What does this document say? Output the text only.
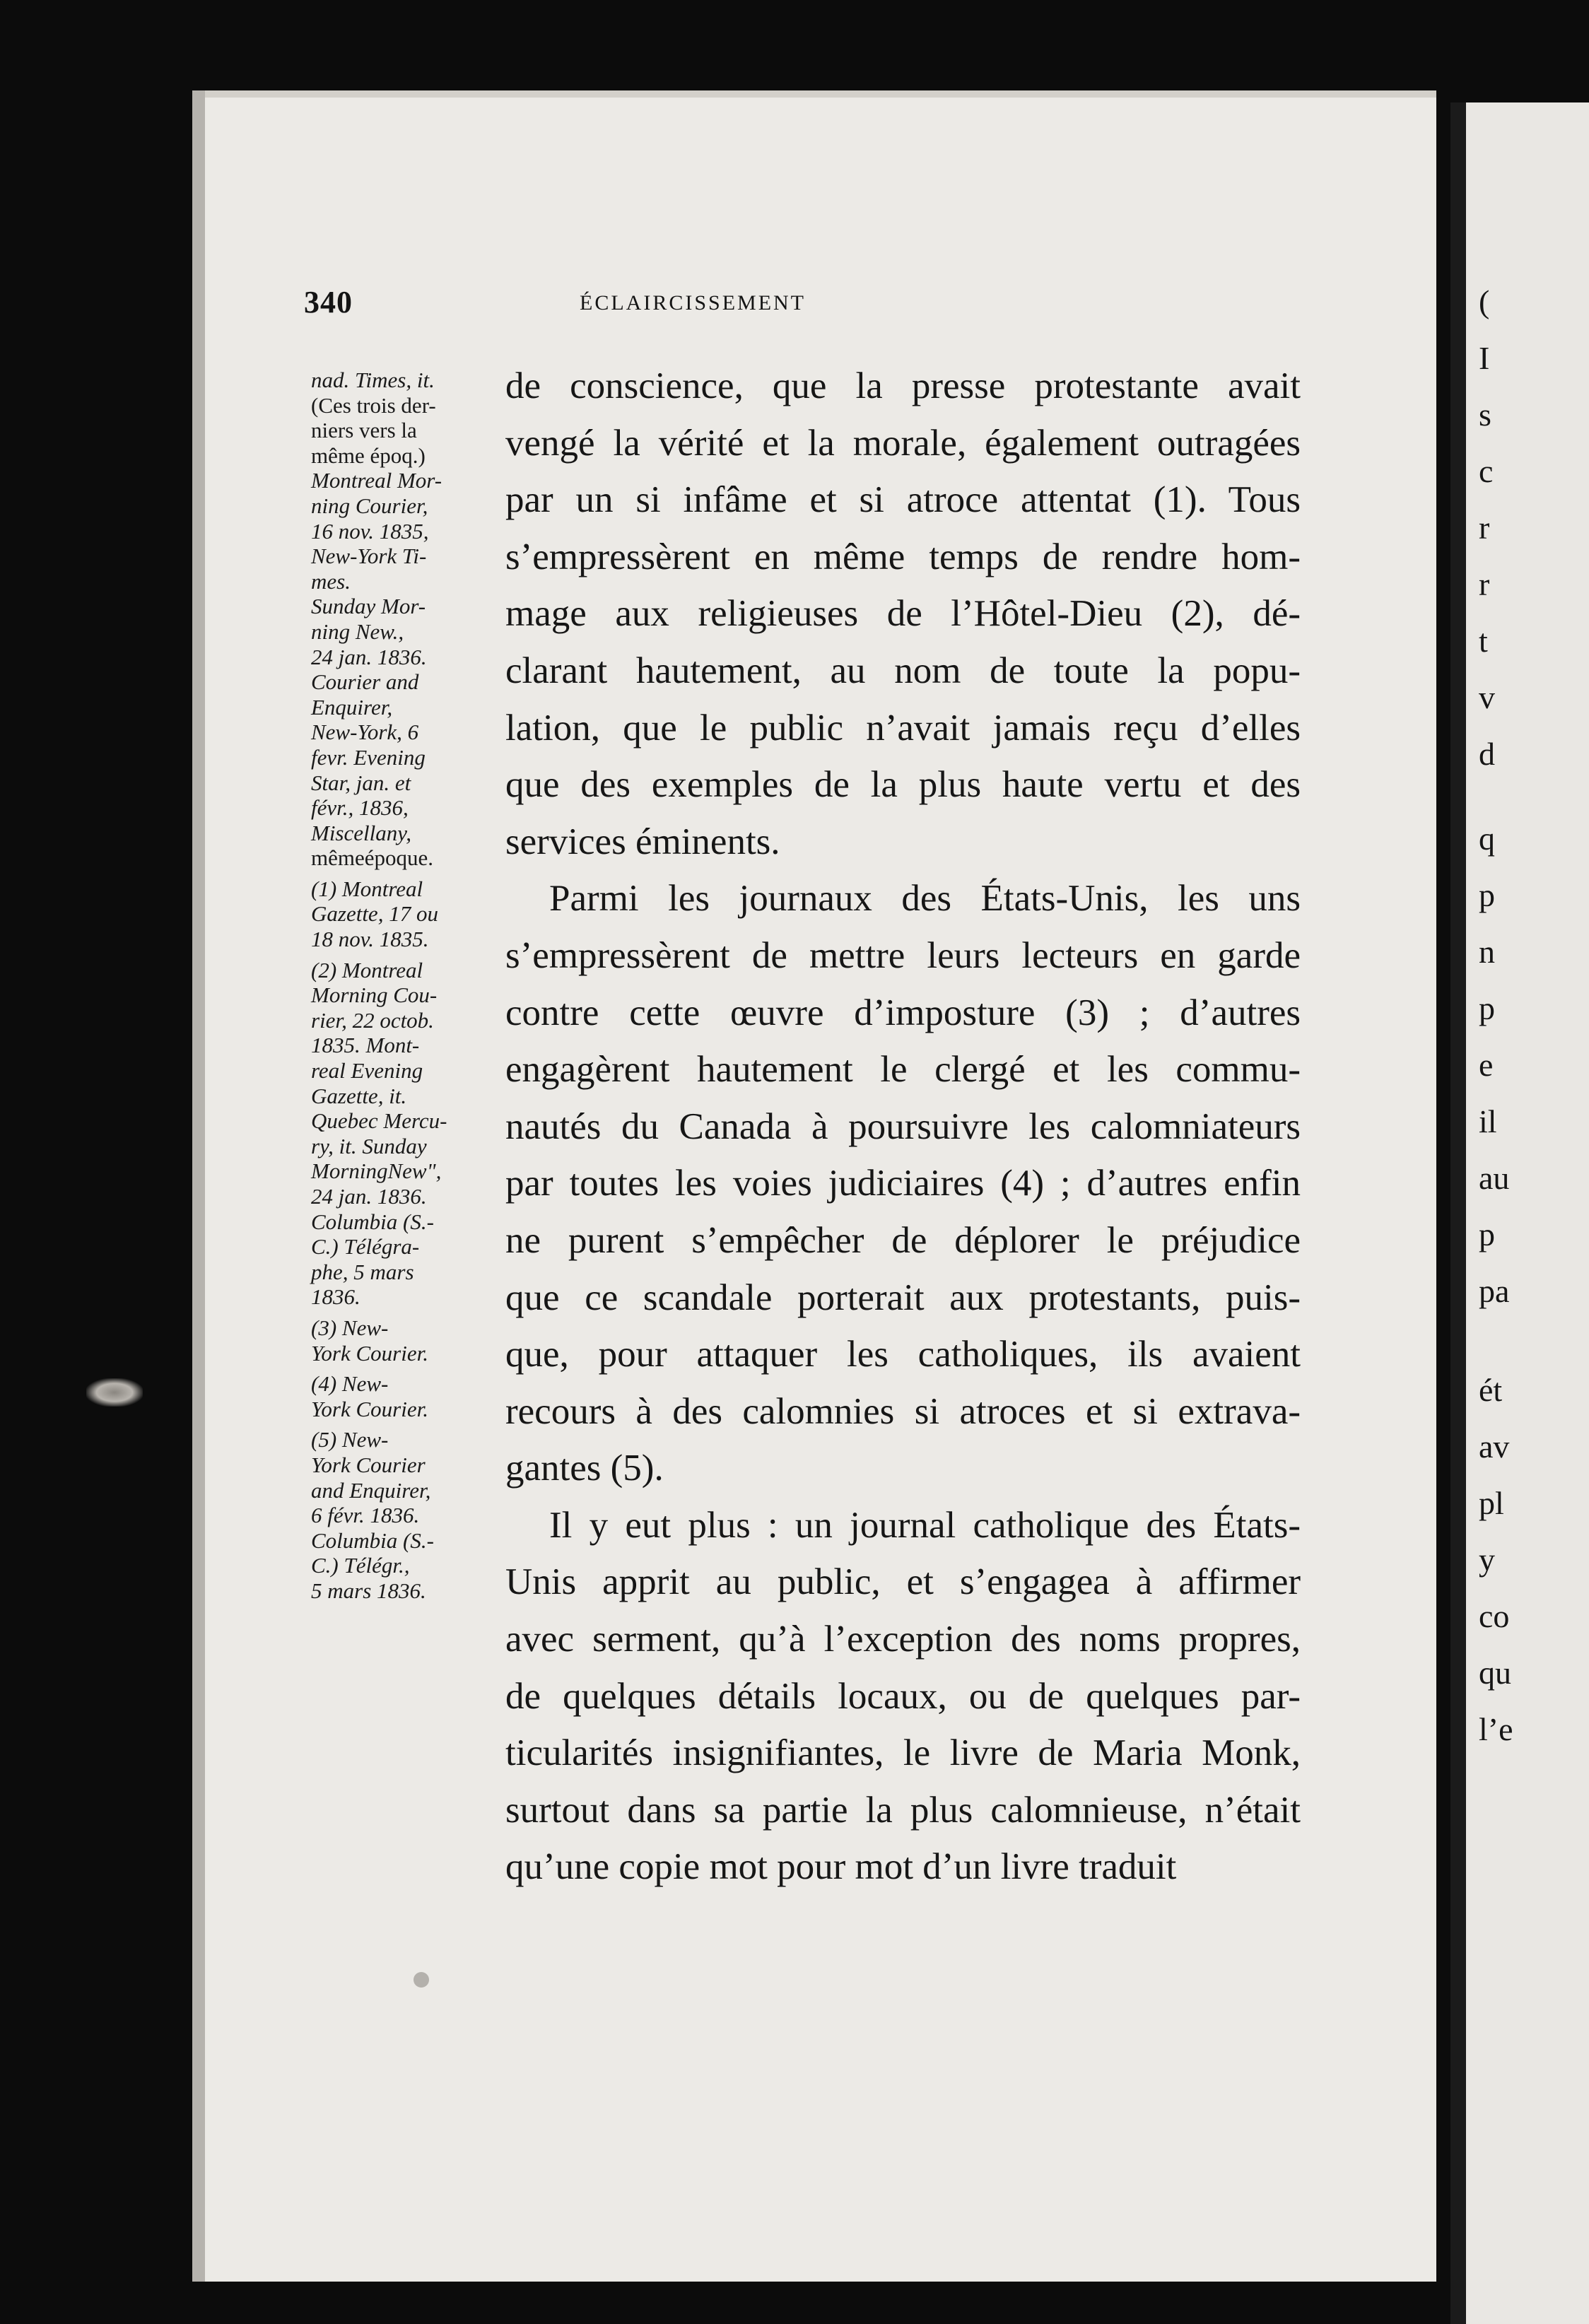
(
I
s
c
r
r
t
v
d
q
p
n
p
e
il
au
p
pa
ét
av
pl
y
co
qu
l’e
340	ÉCLAIRCISSEMENT
nad. Times, it.
(Ces trois der-
niers vers la
même époq.)
Montreal Mor-
ning Courier,
16 nov. 1835,
New-York Ti-
mes.
Sunday Mor-
ning New.,
24 jan. 1836.
Courier and
Enquirer,
New-York, 6
fevr. Evening
Star, jan. et
févr., 1836,
Miscellany,
mêmeépoque.
(1) Montreal
Gazette, 17 ou
18 nov. 1835.
(2) Montreal
Morning Cou-
rier, 22 octob.
1835. Mont-
real Evening
Gazette, it.
Quebec Mercu-
ry, it. Sunday
MorningNew",
24 jan. 1836.
Columbia (S.-
C.) Télégra-
phe, 5 mars
1836.
(3) New-
York Courier.
(4) New-
York Courier.
(5) New-
York Courier
and Enquirer,
6 févr. 1836.
Columbia (S.-
C.) Télégr.,
5 mars 1836.
de conscience, que la presse protestante avait
vengé la vérité et la morale, également outragées
par un si infâme et si atroce attentat (1). Tous
s’empressèrent en même temps de rendre hom-
mage aux religieuses de l’Hôtel-Dieu (2), dé-
clarant hautement, au nom de toute la popu-
lation, que le public n’avait jamais reçu d’elles
que des exemples de la plus haute vertu et des
services éminents.
Parmi les journaux des États-Unis, les uns
s’empressèrent de mettre leurs lecteurs en garde
contre cette œuvre d’imposture (3) ; d’autres
engagèrent hautement le clergé et les commu-
nautés du Canada à poursuivre les calomniateurs
par toutes les voies judiciaires (4) ; d’autres enfin
ne purent s’empêcher de déplorer le préjudice
que ce scandale porterait aux protestants, puis-
que, pour attaquer les catholiques, ils avaient
recours à des calomnies si atroces et si extrava-
gantes (5).
Il y eut plus : un journal catholique des États-
Unis apprit au public, et s’engagea à affirmer
avec serment, qu’à l’exception des noms propres,
de quelques détails locaux, ou de quelques par-
ticularités insignifiantes, le livre de Maria Monk,
surtout dans sa partie la plus calomnieuse, n’était
qu’une copie mot pour mot d’un livre traduit
